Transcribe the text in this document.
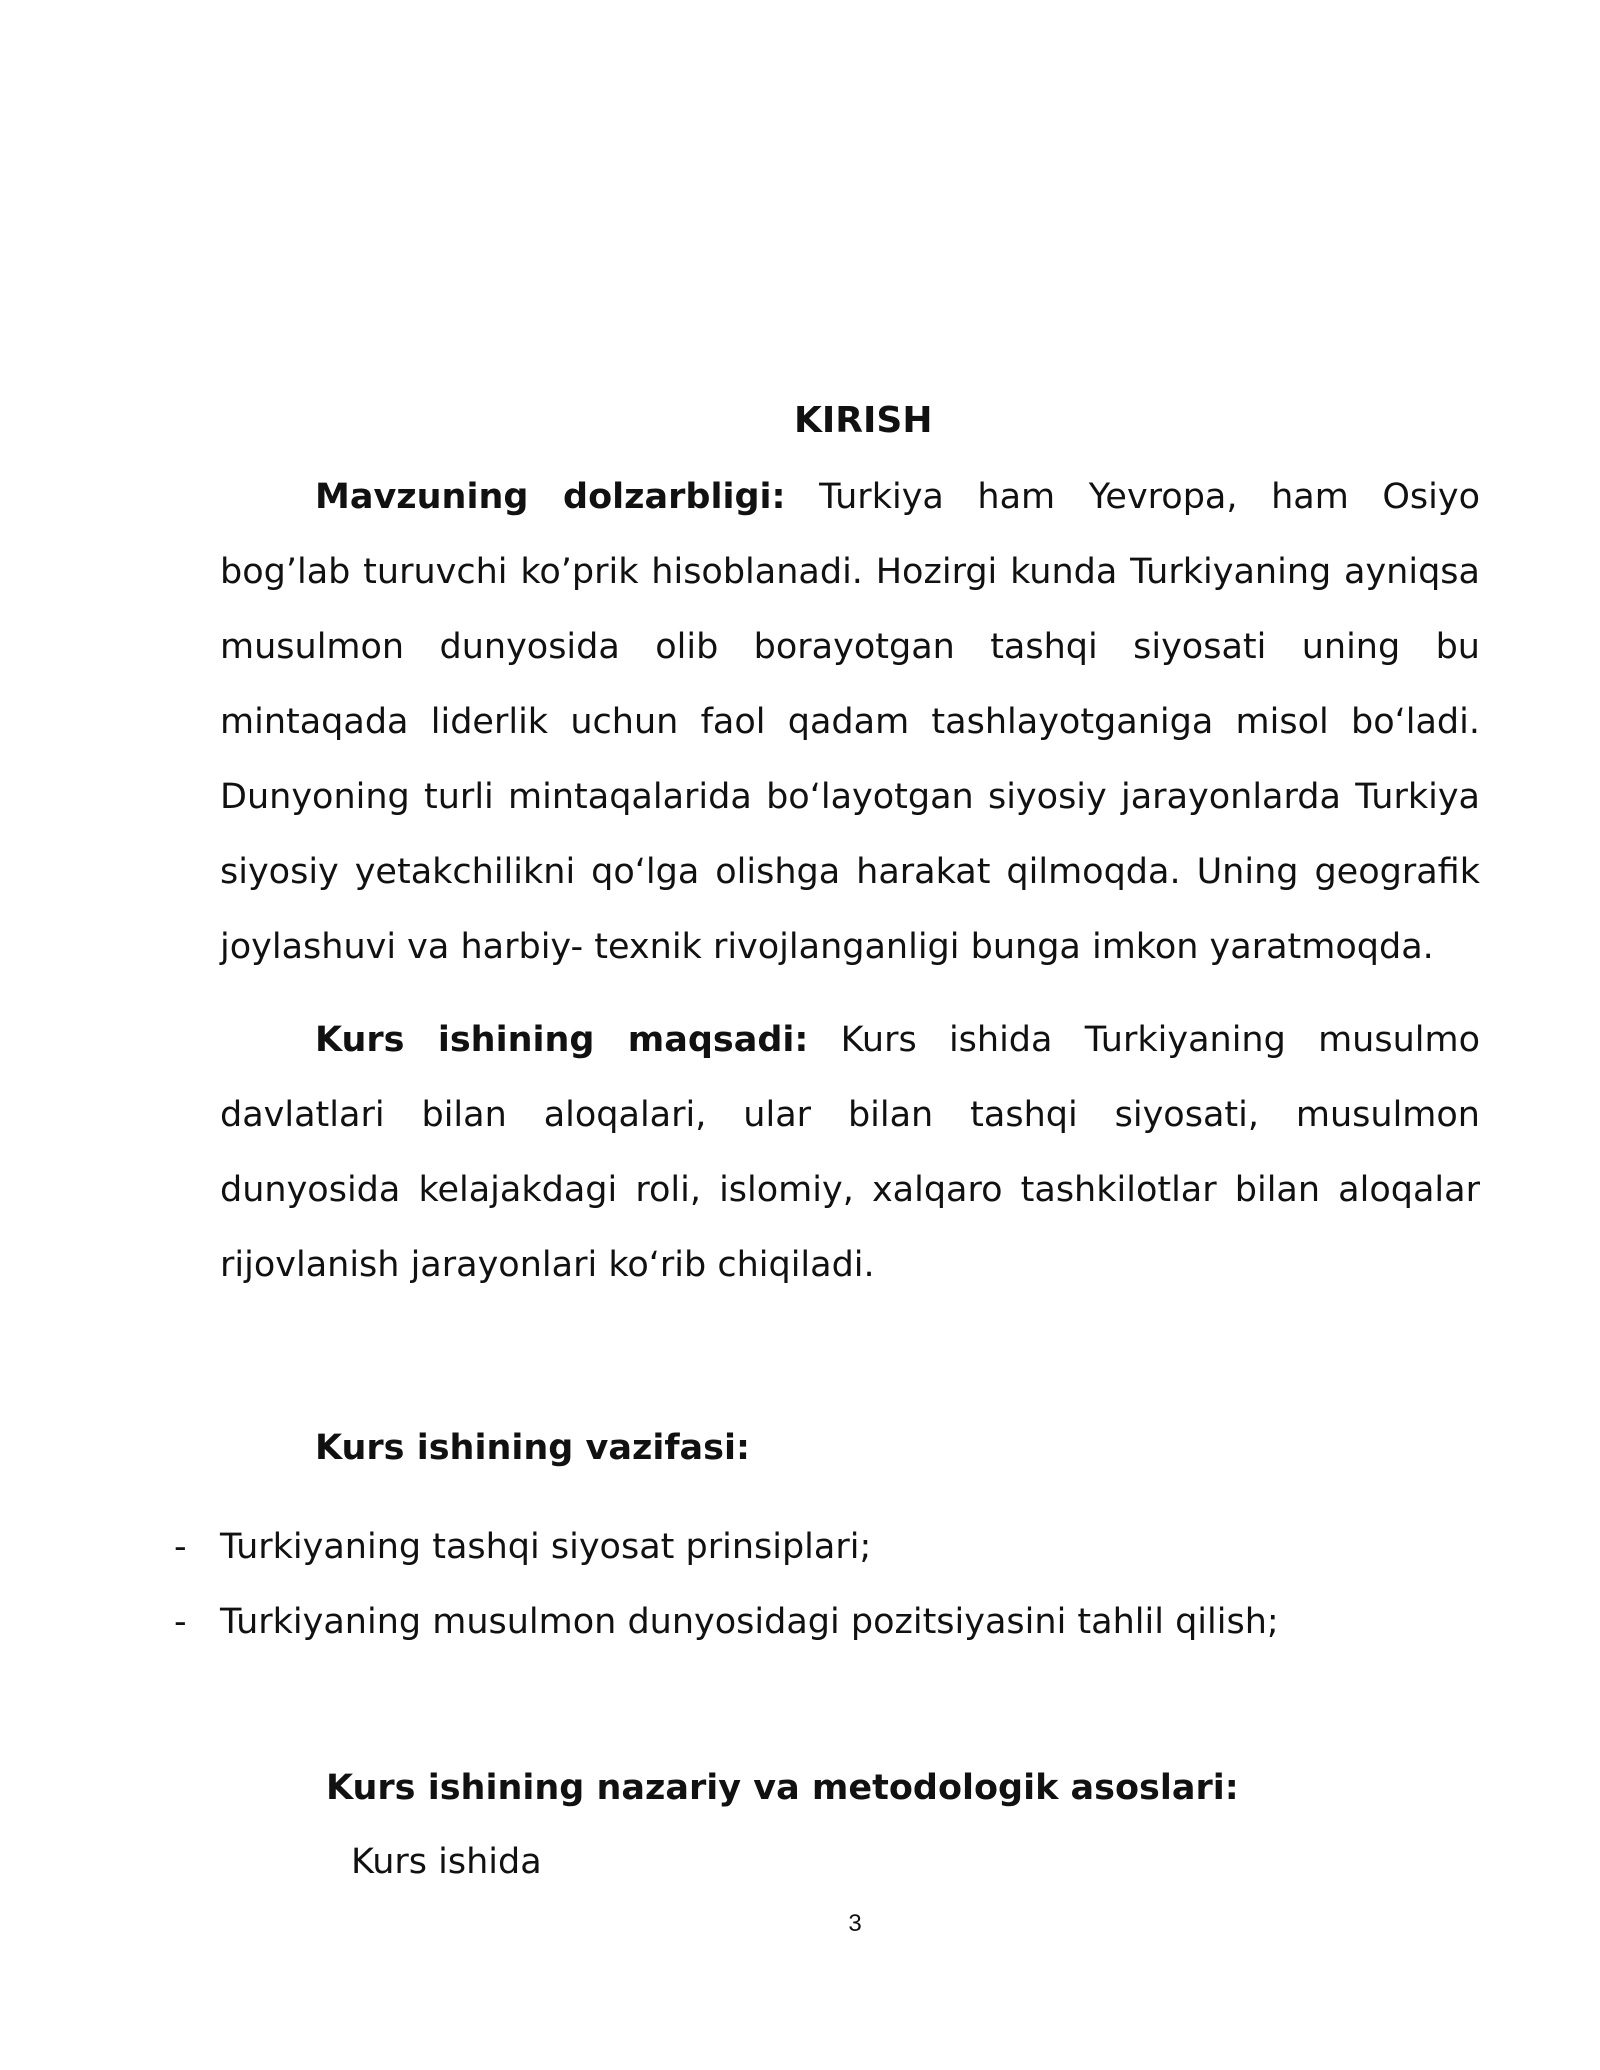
KIRISH

Mavzuning dolzarbligi: Turkiya ham Yevropa, ham Osiyo bog’lab turuvchi ko’prik hisoblanadi. Hozirgi kunda Turkiyaning ayniqsa musulmon dunyosida olib borayotgan tashqi siyosati uning bu mintaqada liderlik uchun faol qadam tashlayotganiga misol bo‘ladi. Dunyoning turli mintaqalarida bo‘layotgan siyosiy jarayonlarda Turkiya siyosiy yetakchilikni qo‘lga olishga harakat qilmoqda. Uning geografik joylashuvi va harbiy- texnik rivojlanganligi bunga imkon yaratmoqda.

Kurs ishining maqsadi: Kurs ishida Turkiyaning musulmo davlatlari bilan aloqalari, ular bilan tashqi siyosati, musulmon dunyosida kelajakdagi roli, islomiy, xalqaro tashkilotlar bilan aloqalar rijovlanish jarayonlari ko‘rib chiqiladi.

Kurs ishining vazifasi:

- Turkiyaning tashqi siyosat prinsiplari;
- Turkiyaning musulmon dunyosidagi pozitsiyasini tahlil qilish;

Kurs ishining nazariy va metodologik asoslari:

Kurs ishida

3
